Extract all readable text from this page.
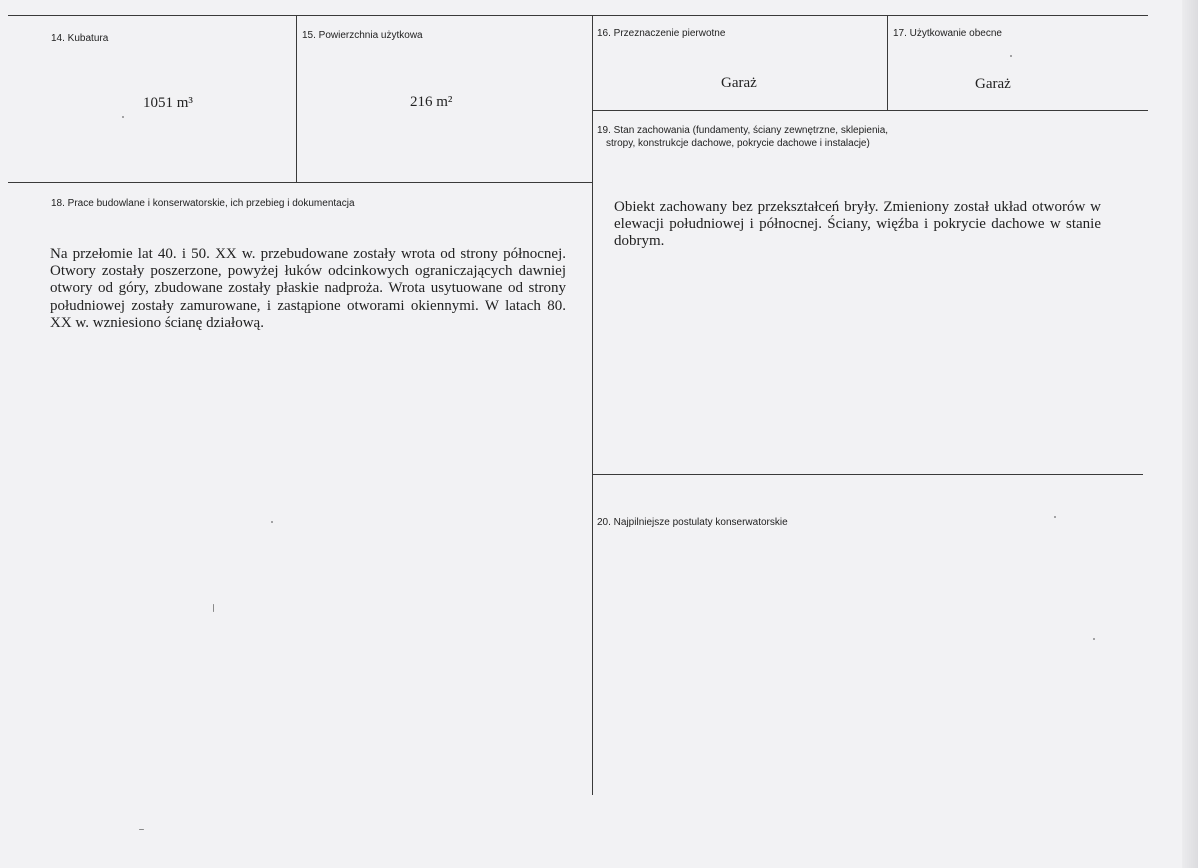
14. Kubatura
1051 m³
15. Powierzchnia użytkowa
216 m²
16. Przeznaczenie pierwotne
Garaż
17. Użytkowanie obecne
Garaż
19. Stan zachowania (fundamenty, ściany zewnętrzne, sklepienia,
stropy, konstrukcje dachowe, pokrycie dachowe i instalacje)
Obiekt zachowany bez przekształceń bryły. Zmieniony został układ otworów w elewacji południowej i północnej. Ściany, więźba i pokrycie dachowe w stanie dobrym.
18. Prace budowlane i konserwatorskie, ich przebieg i dokumentacja
Na przełomie lat 40. i 50. XX w. przebudowane zostały wrota od strony północnej. Otwory zostały poszerzone, powyżej łuków odcinkowych ograniczających dawniej otwory od góry, zbudowane zostały płaskie nadproża. Wrota usytuowane od strony południowej zostały zamurowane, i zastąpione otworami okiennymi. W latach 80. XX w. wzniesiono ścianę działową.
20. Najpilniejsze postulaty konserwatorskie
